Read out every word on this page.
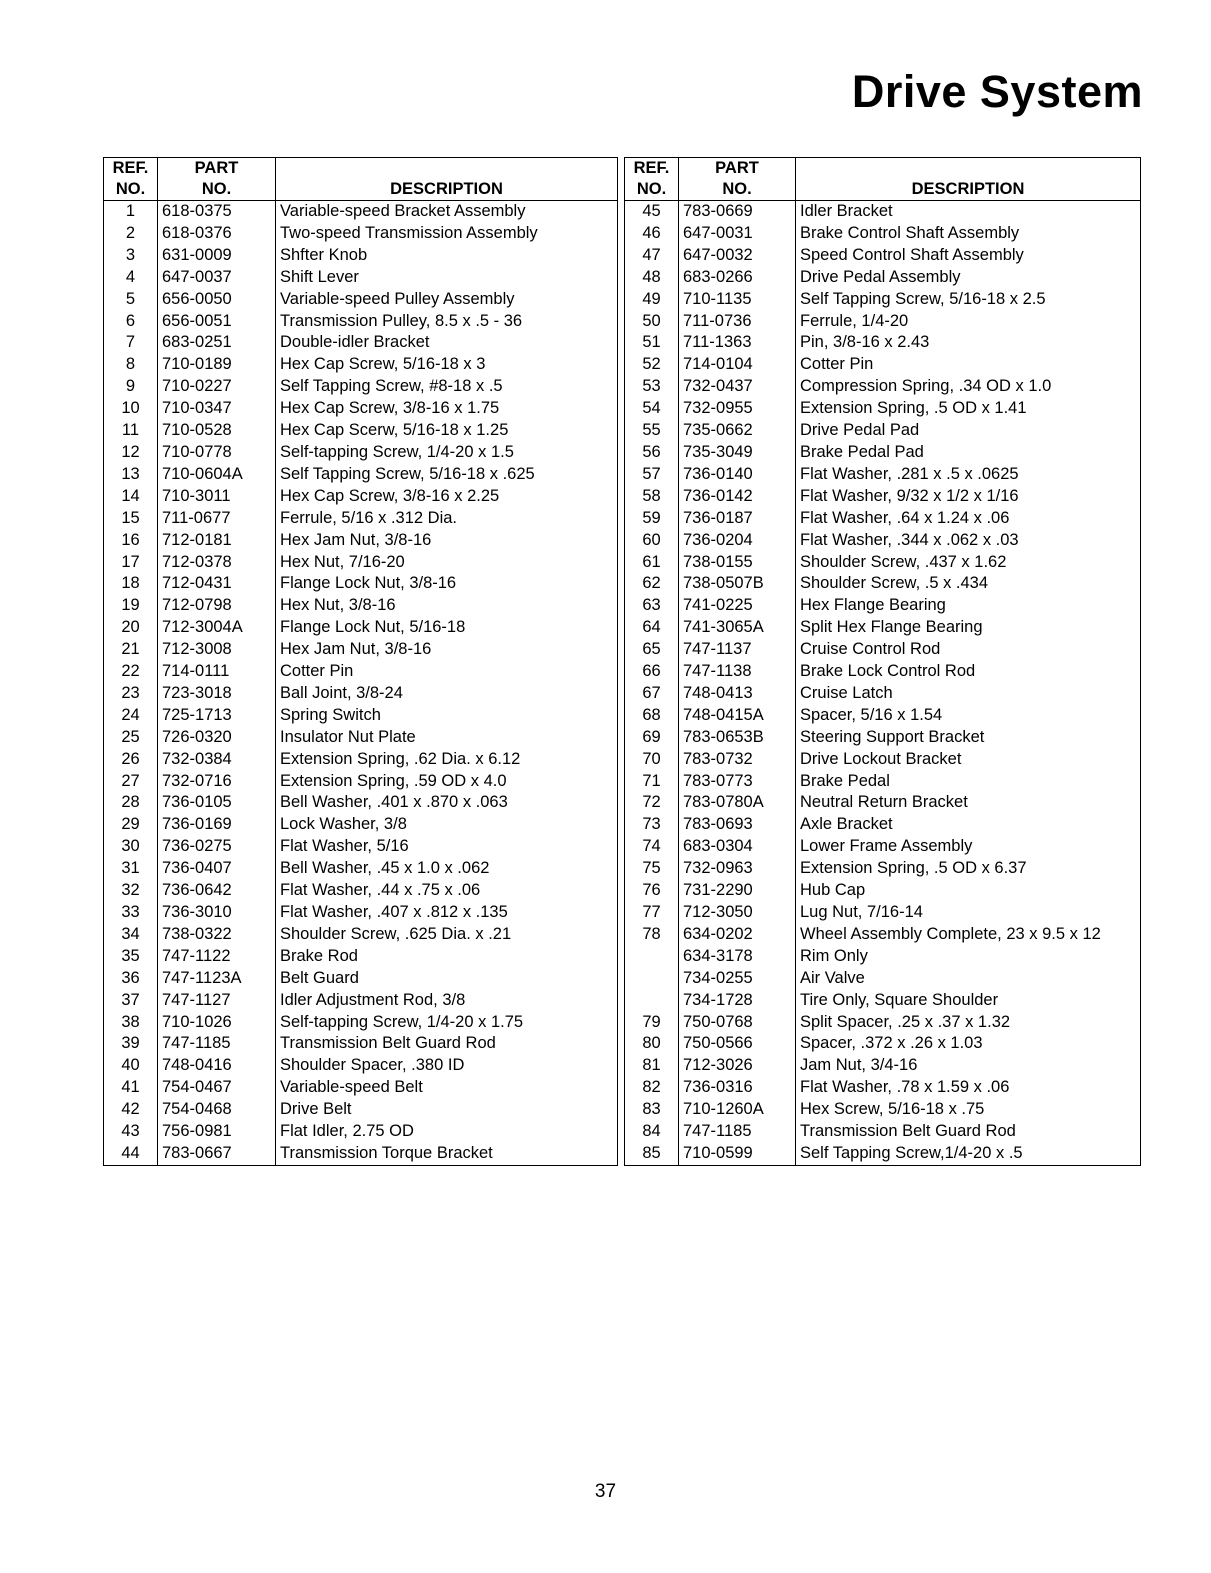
Drive System
REF.	PART	
NO.	NO.	DESCRIPTION
1	618-0375	Variable-speed Bracket Assembly
2	618-0376	Two-speed Transmission Assembly
3	631-0009	Shfter Knob
4	647-0037	Shift Lever
5	656-0050	Variable-speed Pulley Assembly
6	656-0051	Transmission Pulley, 8.5 x .5 - 36
7	683-0251	Double-idler Bracket
8	710-0189	Hex Cap Screw, 5/16-18 x 3
9	710-0227	Self Tapping Screw, #8-18 x .5
10	710-0347	Hex Cap Screw, 3/8-16 x 1.75
11	710-0528	Hex Cap Scerw, 5/16-18 x 1.25
12	710-0778	Self-tapping Screw, 1/4-20 x 1.5
13	710-0604A	Self Tapping Screw, 5/16-18 x .625
14	710-3011	Hex Cap Screw, 3/8-16 x 2.25
15	711-0677	Ferrule, 5/16 x .312 Dia.
16	712-0181	Hex Jam Nut, 3/8-16
17	712-0378	Hex Nut, 7/16-20
18	712-0431	Flange Lock Nut, 3/8-16
19	712-0798	Hex Nut, 3/8-16
20	712-3004A	Flange Lock Nut, 5/16-18
21	712-3008	Hex Jam Nut, 3/8-16
22	714-0111	Cotter Pin
23	723-3018	Ball Joint, 3/8-24
24	725-1713	Spring Switch
25	726-0320	Insulator Nut Plate
26	732-0384	Extension Spring, .62 Dia. x 6.12
27	732-0716	Extension Spring, .59 OD x 4.0
28	736-0105	Bell Washer, .401 x .870 x .063
29	736-0169	Lock Washer, 3/8
30	736-0275	Flat Washer, 5/16
31	736-0407	Bell Washer, .45 x 1.0 x .062
32	736-0642	Flat Washer, .44 x .75 x .06
33	736-3010	Flat Washer, .407 x .812 x .135
34	738-0322	Shoulder Screw, .625 Dia. x .21
35	747-1122	Brake Rod
36	747-1123A	Belt Guard
37	747-1127	Idler Adjustment Rod, 3/8
38	710-1026	Self-tapping Screw, 1/4-20 x 1.75
39	747-1185	Transmission Belt Guard Rod
40	748-0416	Shoulder Spacer, .380 ID
41	754-0467	Variable-speed Belt
42	754-0468	Drive Belt
43	756-0981	Flat Idler, 2.75 OD
44	783-0667	Transmission Torque Bracket
REF.	PART	
NO.	NO.	DESCRIPTION
45	783-0669	Idler Bracket
46	647-0031	Brake Control Shaft Assembly
47	647-0032	Speed Control Shaft Assembly
48	683-0266	Drive Pedal Assembly
49	710-1135	Self Tapping Screw, 5/16-18 x 2.5
50	711-0736	Ferrule, 1/4-20
51	711-1363	Pin, 3/8-16 x 2.43
52	714-0104	Cotter Pin
53	732-0437	Compression Spring, .34 OD x 1.0
54	732-0955	Extension Spring, .5 OD x 1.41
55	735-0662	Drive Pedal Pad
56	735-3049	Brake Pedal Pad
57	736-0140	Flat Washer, .281 x .5 x .0625
58	736-0142	Flat Washer, 9/32 x 1/2 x 1/16
59	736-0187	Flat Washer, .64 x 1.24 x .06
60	736-0204	Flat Washer, .344 x .062 x .03
61	738-0155	Shoulder Screw, .437 x 1.62
62	738-0507B	Shoulder Screw, .5 x .434
63	741-0225	Hex Flange Bearing
64	741-3065A	Split Hex Flange Bearing
65	747-1137	Cruise Control Rod
66	747-1138	Brake Lock Control Rod
67	748-0413	Cruise Latch
68	748-0415A	Spacer, 5/16 x 1.54
69	783-0653B	Steering Support Bracket
70	783-0732	Drive Lockout Bracket
71	783-0773	Brake Pedal
72	783-0780A	Neutral Return Bracket
73	783-0693	Axle Bracket
74	683-0304	Lower Frame Assembly
75	732-0963	Extension Spring, .5 OD x 6.37
76	731-2290	Hub Cap
77	712-3050	Lug Nut, 7/16-14
78	634-0202	Wheel Assembly Complete, 23 x 9.5 x 12
	634-3178	Rim Only
	734-0255	Air Valve
	734-1728	Tire Only, Square Shoulder
79	750-0768	Split Spacer, .25 x .37 x 1.32
80	750-0566	Spacer, .372 x .26 x 1.03
81	712-3026	Jam Nut, 3/4-16
82	736-0316	Flat Washer, .78 x 1.59 x .06
83	710-1260A	Hex Screw, 5/16-18 x .75
84	747-1185	Transmission Belt Guard Rod
85	710-0599	Self Tapping Screw,1/4-20 x .5
37
